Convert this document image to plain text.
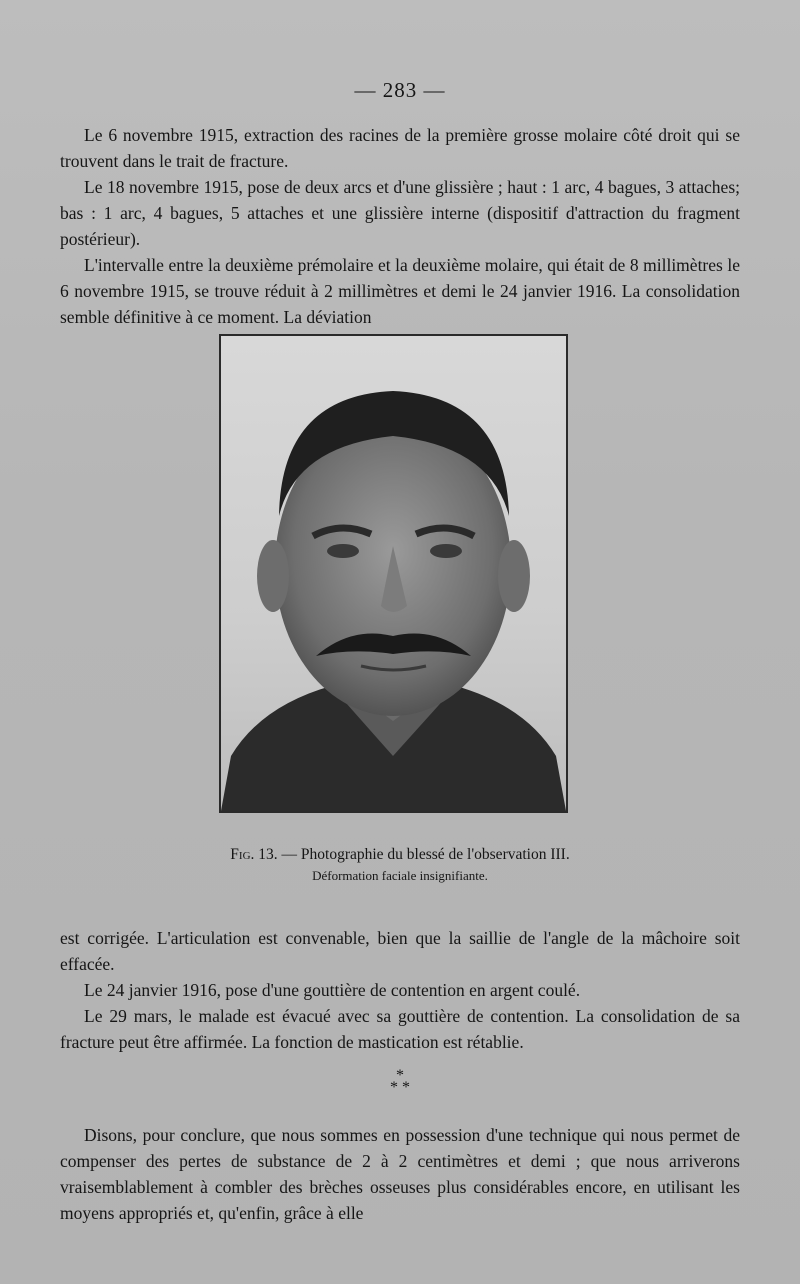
— 283 —

Le 6 novembre 1915, extraction des racines de la première grosse molaire côté droit qui se trouvent dans le trait de fracture.

Le 18 novembre 1915, pose de deux arcs et d'une glissière ; haut : 1 arc, 4 bagues, 3 attaches; bas : 1 arc, 4 bagues, 5 attaches et une glissière interne (dispositif d'attraction du fragment postérieur).

L'intervalle entre la deuxième prémolaire et la deuxième molaire, qui était de 8 millimètres le 6 novembre 1915, se trouve réduit à 2 millimètres et demi le 24 janvier 1916. La consolidation semble définitive à ce moment. La déviation

Fig. 13. — Photographie du blessé de l'observation III.
Déformation faciale insignifiante.

est corrigée. L'articulation est convenable, bien que la saillie de l'angle de la mâchoire soit effacée.

Le 24 janvier 1916, pose d'une gouttière de contention en argent coulé.

Le 29 mars, le malade est évacué avec sa gouttière de contention. La consolidation de sa fracture peut être affirmée. La fonction de mastication est rétablie.

*
* *

Disons, pour conclure, que nous sommes en possession d'une technique qui nous permet de compenser des pertes de substance de 2 à 2 centimètres et demi ; que nous arriverons vraisemblablement à combler des brèches osseuses plus considérables encore, en utilisant les moyens appropriés et, qu'enfin, grâce à elle
